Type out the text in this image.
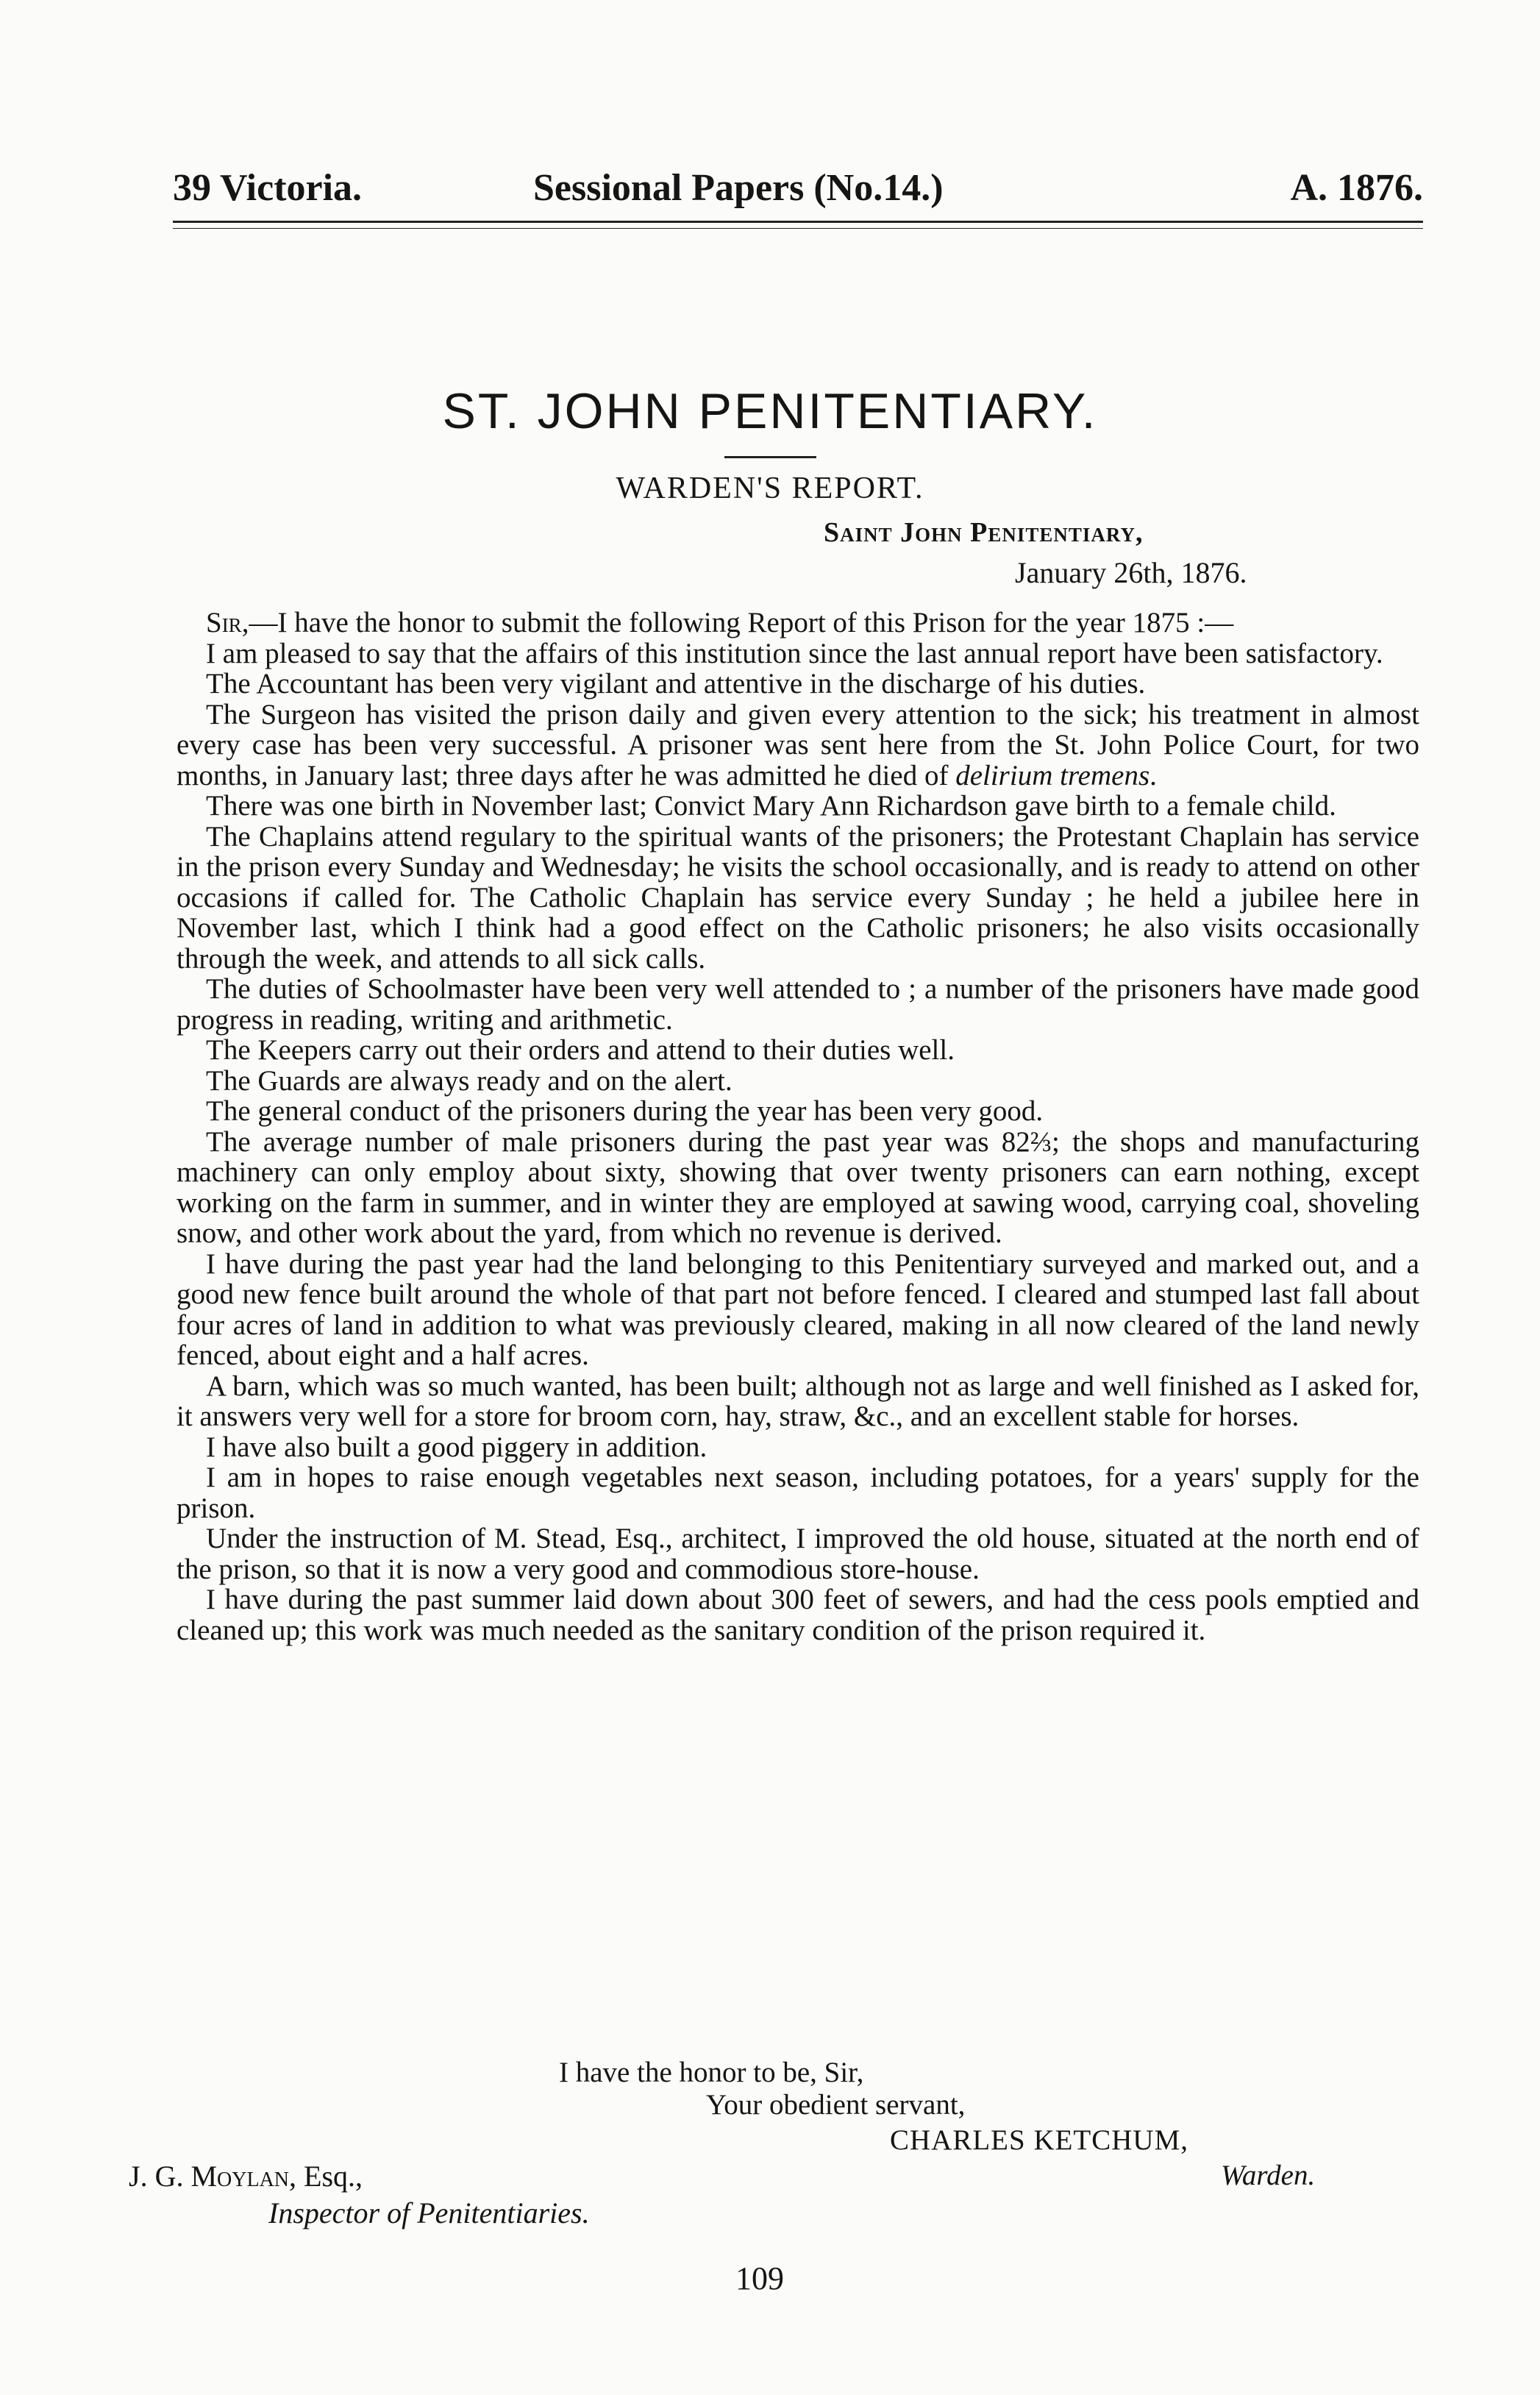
39 Victoria.	Sessional Papers (No.14.)	A. 1876.
ST. JOHN PENITENTIARY.
WARDEN'S REPORT.
Saint John Penitentiary,
January 26th, 1876.

Sir,—I have the honor to submit the following Report of this Prison for the year 1875 :—

I am pleased to say that the affairs of this institution since the last annual report have been satisfactory.

The Accountant has been very vigilant and attentive in the discharge of his duties.

The Surgeon has visited the prison daily and given every attention to the sick; his treatment in almost every case has been very successful. A prisoner was sent here from the St. John Police Court, for two months, in January last; three days after he was admitted he died of delirium tremens.

There was one birth in November last; Convict Mary Ann Richardson gave birth to a female child.

The Chaplains attend regulary to the spiritual wants of the prisoners; the Protestant Chaplain has service in the prison every Sunday and Wednesday; he visits the school occasionally, and is ready to attend on other occasions if called for. The Catholic Chaplain has service every Sunday ; he held a jubilee here in November last, which I think had a good effect on the Catholic prisoners; he also visits occasionally through the week, and attends to all sick calls.

The duties of Schoolmaster have been very well attended to ; a number of the prisoners have made good progress in reading, writing and arithmetic.

The Keepers carry out their orders and attend to their duties well.

The Guards are always ready and on the alert.

The general conduct of the prisoners during the year has been very good.

The average number of male prisoners during the past year was 82⅔; the shops and manufacturing machinery can only employ about sixty, showing that over twenty prisoners can earn nothing, except working on the farm in summer, and in winter they are employed at sawing wood, carrying coal, shoveling snow, and other work about the yard, from which no revenue is derived.

I have during the past year had the land belonging to this Penitentiary surveyed and marked out, and a good new fence built around the whole of that part not before fenced. I cleared and stumped last fall about four acres of land in addition to what was previously cleared, making in all now cleared of the land newly fenced, about eight and a half acres.

A barn, which was so much wanted, has been built; although not as large and well finished as I asked for, it answers very well for a store for broom corn, hay, straw, &c., and an excellent stable for horses.

I have also built a good piggery in addition.

I am in hopes to raise enough vegetables next season, including potatoes, for a years' supply for the prison.

Under the instruction of M. Stead, Esq., architect, I improved the old house, situated at the north end of the prison, so that it is now a very good and commodious store-house.

I have during the past summer laid down about 300 feet of sewers, and had the cess pools emptied and cleaned up; this work was much needed as the sanitary condition of the prison required it.

I have the honor to be, Sir,
Your obedient servant,
CHARLES KETCHUM,
Warden.
J. G. Moylan, Esq.,
Inspector of Penitentiaries.
109
